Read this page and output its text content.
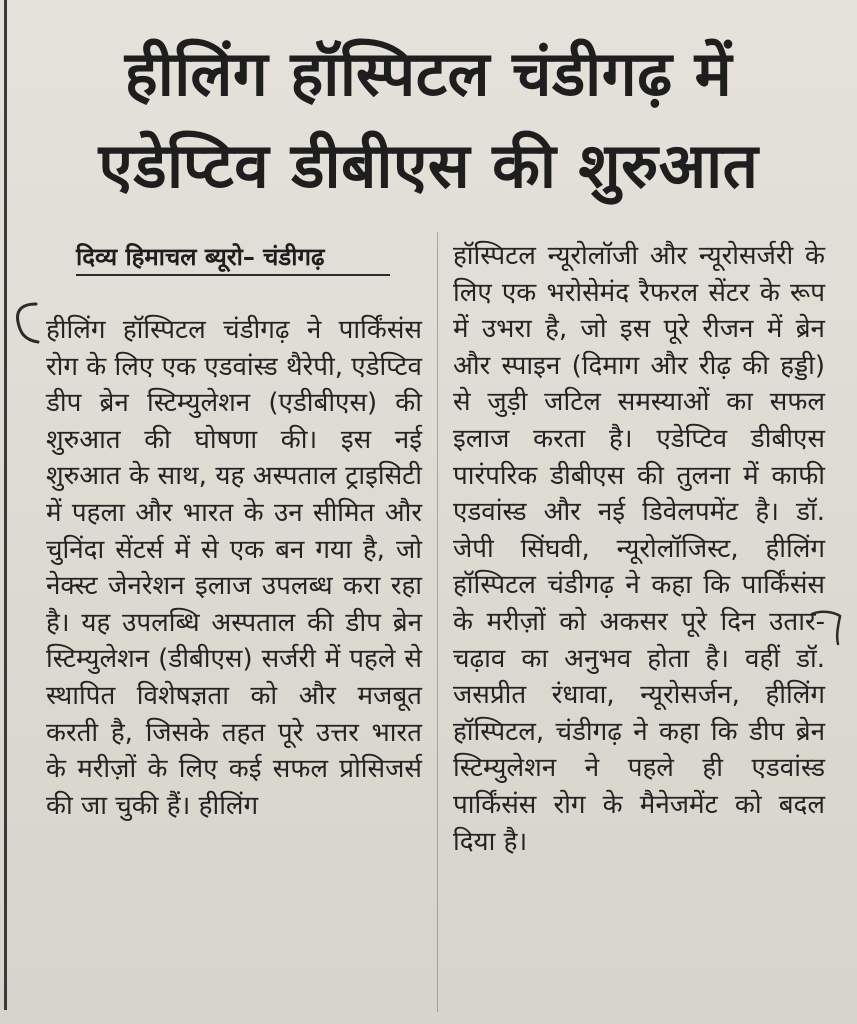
हीलिंग हॉस्पिटल चंडीगढ़ में
एडेप्टिव डीबीएस की शुरुआत
दिव्य हिमाचल ब्यूरो– चंडीगढ़
हीलिंग हॉस्पिटल चंडीगढ़ ने पार्किंसंस रोग के लिए एक एडवांस्ड थैरेपी, एडेप्टिव डीप ब्रेन स्टिम्युलेशन (एडीबीएस) की शुरुआत की घोषणा की। इस नई शुरुआत के साथ, यह अस्पताल ट्राइसिटी में पहला और भारत के उन सीमित और चुनिंदा सेंटर्स में से एक बन गया है, जो नेक्स्ट जेनरेशन इलाज उपलब्ध करा रहा है। यह उपलब्धि अस्पताल की डीप ब्रेन स्टिम्युलेशन (डीबीएस) सर्जरी में पहले से स्थापित विशेषज्ञता को और मजबूत करती है, जिसके तहत पूरे उत्तर भारत के मरीज़ों के लिए कई सफल प्रोसिजर्स की जा चुकी हैं। हीलिंग
हॉस्पिटल न्यूरोलॉजी और न्यूरोसर्जरी के लिए एक भरोसेमंद रैफरल सेंटर के रूप में उभरा है, जो इस पूरे रीजन में ब्रेन और स्पाइन (दिमाग और रीढ़ की हड्डी) से जुड़ी जटिल समस्याओं का सफल इलाज करता है। एडेप्टिव डीबीएस पारंपरिक डीबीएस की तुलना में काफी एडवांस्ड और नई डिवेलपमेंट है। डॉ. जेपी सिंघवी, न्यूरोलॉजिस्ट, हीलिंग हॉस्पिटल चंडीगढ़ ने कहा कि पार्किंसंस के मरीज़ों को अकसर पूरे दिन उतार-चढ़ाव का अनुभव होता है। वहीं डॉ. जसप्रीत रंधावा, न्यूरोसर्जन, हीलिंग हॉस्पिटल, चंडीगढ़ ने कहा कि डीप ब्रेन स्टिम्युलेशन ने पहले ही एडवांस्ड पार्किंसंस रोग के मैनेजमेंट को बदल दिया है।
